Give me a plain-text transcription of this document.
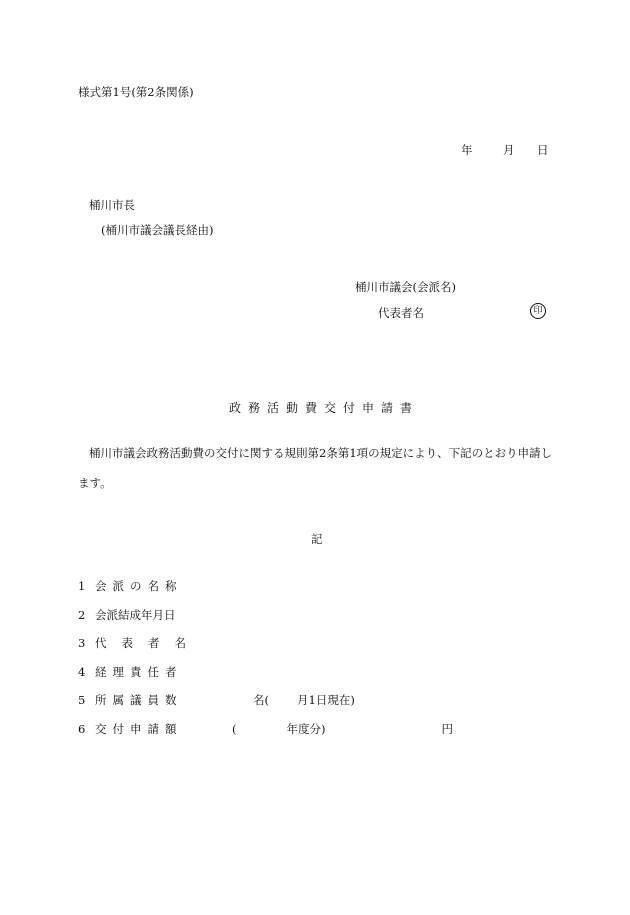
様式第1号(第2条関係)
年	月 日
桶川市長
(桶川市議会議長経由)
桶川市議会(会派名)
代表者名	印
政務活動費交付申請書
桶川市議会政務活動費の交付に関する規則第2条第1項の規定により、下記のとおり申請します。
記
1 会派の名称
2 会派結成年月日
3 代表者名
4 経理責任者
5 所属議員数	名( 月1日現在)
6 交付申請額	(	年度分)	円
